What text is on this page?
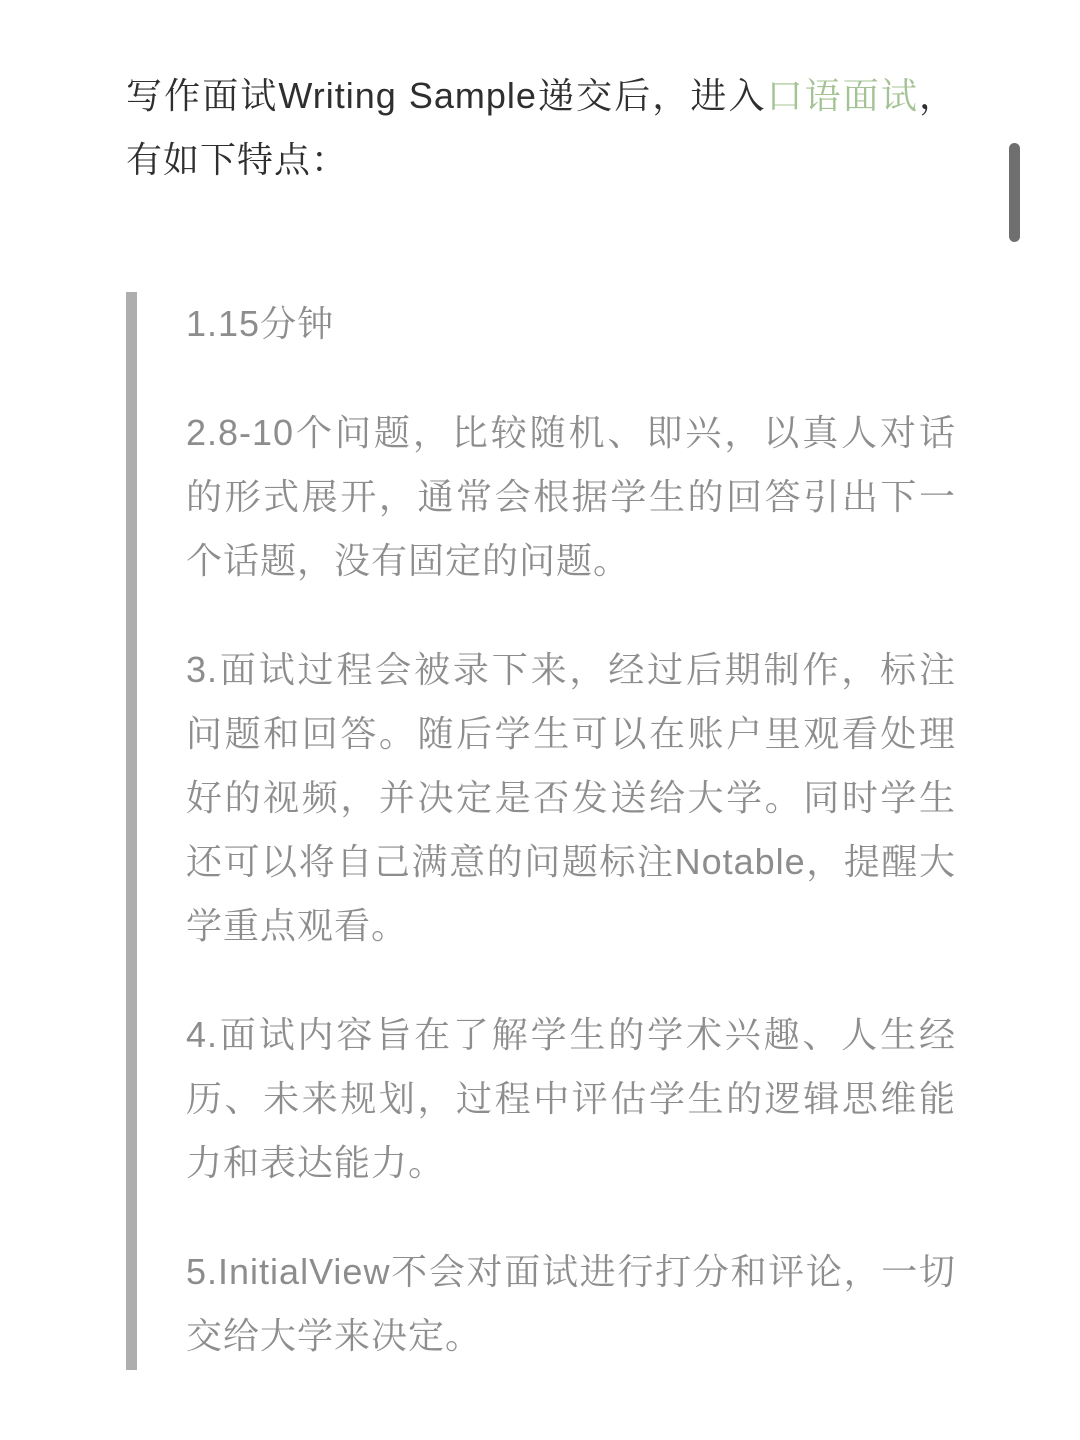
写作面试Writing Sample递交后，进入口语面试，有如下特点：

1.15分钟

2.8-10个问题，比较随机、即兴，以真人对话的形式展开，通常会根据学生的回答引出下一个话题，没有固定的问题。

3.面试过程会被录下来，经过后期制作，标注问题和回答。随后学生可以在账户里观看处理好的视频，并决定是否发送给大学。同时学生还可以将自己满意的问题标注Notable，提醒大学重点观看。

4.面试内容旨在了解学生的学术兴趣、人生经历、未来规划，过程中评估学生的逻辑思维能力和表达能力。

5.InitialView不会对面试进行打分和评论，一切交给大学来决定。
